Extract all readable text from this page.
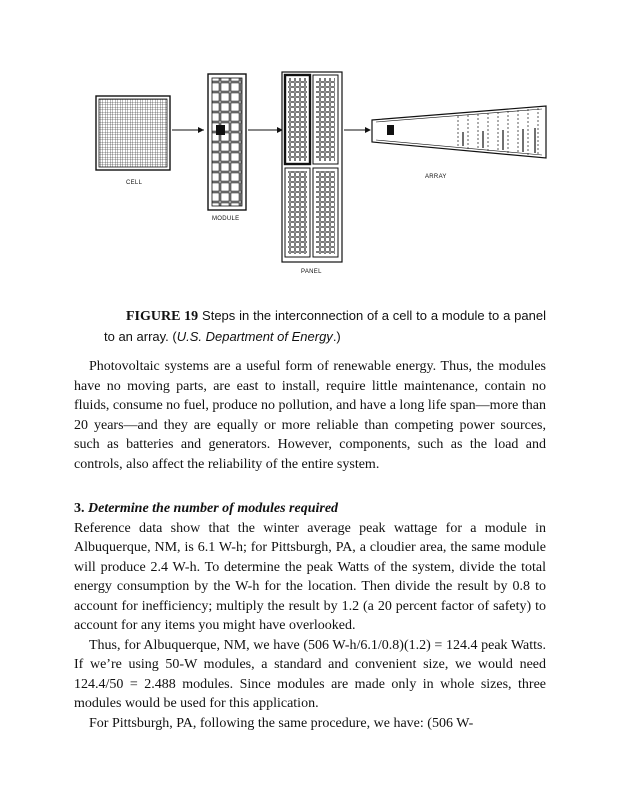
CELL
MODULE
PANEL
ARRAY
FIGURE 19 Steps in the interconnection of a cell to a module to a panel to an array. (U.S. Department of Energy.)

Photovoltaic systems are a useful form of renewable energy. Thus, the modules have no moving parts, are east to install, require little maintenance, contain no fluids, consume no fuel, produce no pollution, and have a long life span—more than 20 years—and they are equally or more reliable than competing power sources, such as batteries and generators. However, components, such as the load and controls, also affect the reliability of the entire system.

3. Determine the number of modules required

Reference data show that the winter average peak wattage for a module in Albuquerque, NM, is 6.1 W-h; for Pittsburgh, PA, a cloudier area, the same module will produce 2.4 W-h. To determine the peak Watts of the system, divide the total energy consumption by the W-h for the location. Then divide the result by 0.8 to account for inefficiency; multiply the result by 1.2 (a 20 percent factor of safety) to account for any items you might have overlooked.

Thus, for Albuquerque, NM, we have (506 W-h/6.1/0.8)(1.2) = 124.4 peak Watts. If we’re using 50-W modules, a standard and convenient size, we would need 124.4/50 = 2.488 modules. Since modules are made only in whole sizes, three modules would be used for this application.

For Pittsburgh, PA, following the same procedure, we have: (506 W-
